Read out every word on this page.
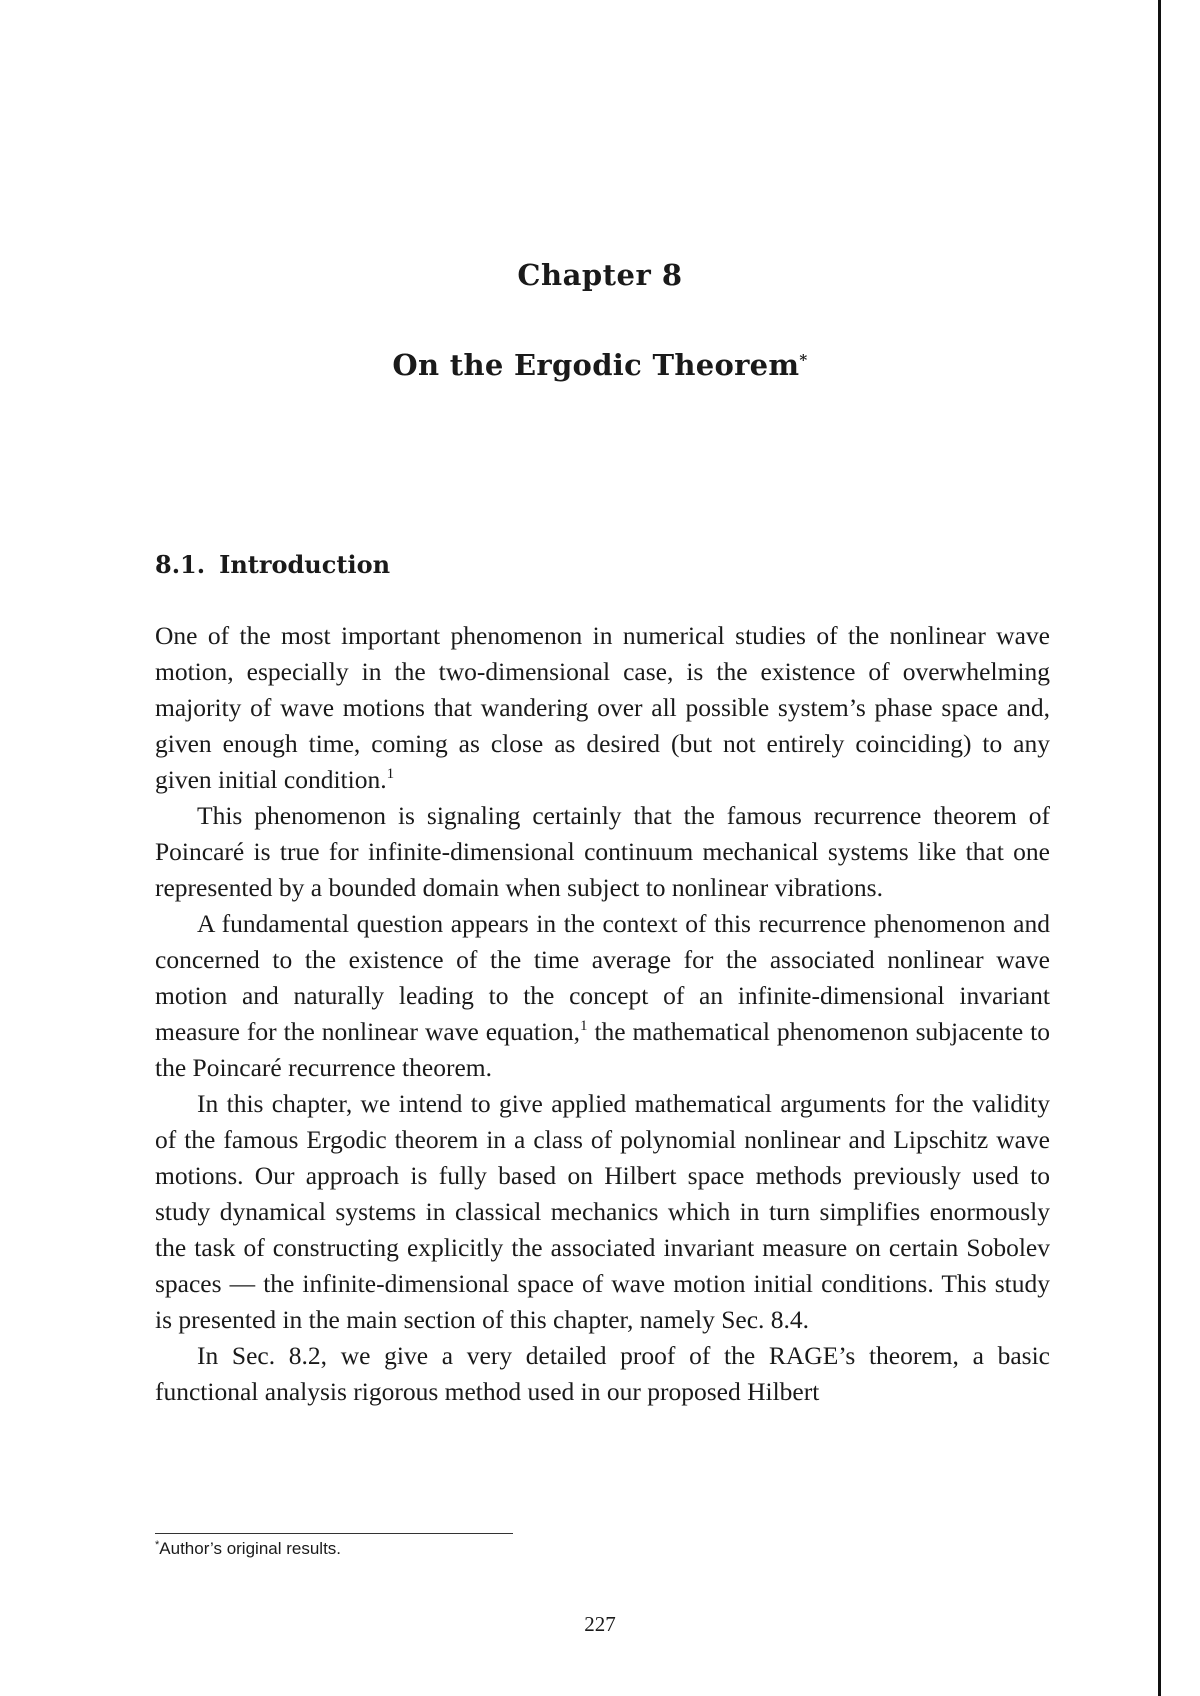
Chapter 8
On the Ergodic Theorem*
8.1. Introduction

One of the most important phenomenon in numerical studies of the nonlinear wave motion, especially in the two-dimensional case, is the existence of overwhelming majority of wave motions that wandering over all possible system’s phase space and, given enough time, coming as close as desired (but not entirely coinciding) to any given initial condition.$^1$

This phenomenon is signaling certainly that the famous recurrence theorem of Poincaré is true for infinite-dimensional continuum mechanical systems like that one represented by a bounded domain when subject to nonlinear vibrations.

A fundamental question appears in the context of this recurrence phenomenon and concerned to the existence of the time average for the associated nonlinear wave motion and naturally leading to the concept of an infinite-dimensional invariant measure for the nonlinear wave equation,$^1$ the mathematical phenomenon subjacente to the Poincaré recurrence theorem.

In this chapter, we intend to give applied mathematical arguments for the validity of the famous Ergodic theorem in a class of polynomial nonlinear and Lipschitz wave motions. Our approach is fully based on Hilbert space methods previously used to study dynamical systems in classical mechanics which in turn simplifies enormously the task of constructing explicitly the associated invariant measure on certain Sobolev spaces — the infinite-dimensional space of wave motion initial conditions. This study is presented in the main section of this chapter, namely Sec. 8.4.

In Sec. 8.2, we give a very detailed proof of the RAGE’s theorem, a basic functional analysis rigorous method used in our proposed Hilbert

*Author’s original results.
227
